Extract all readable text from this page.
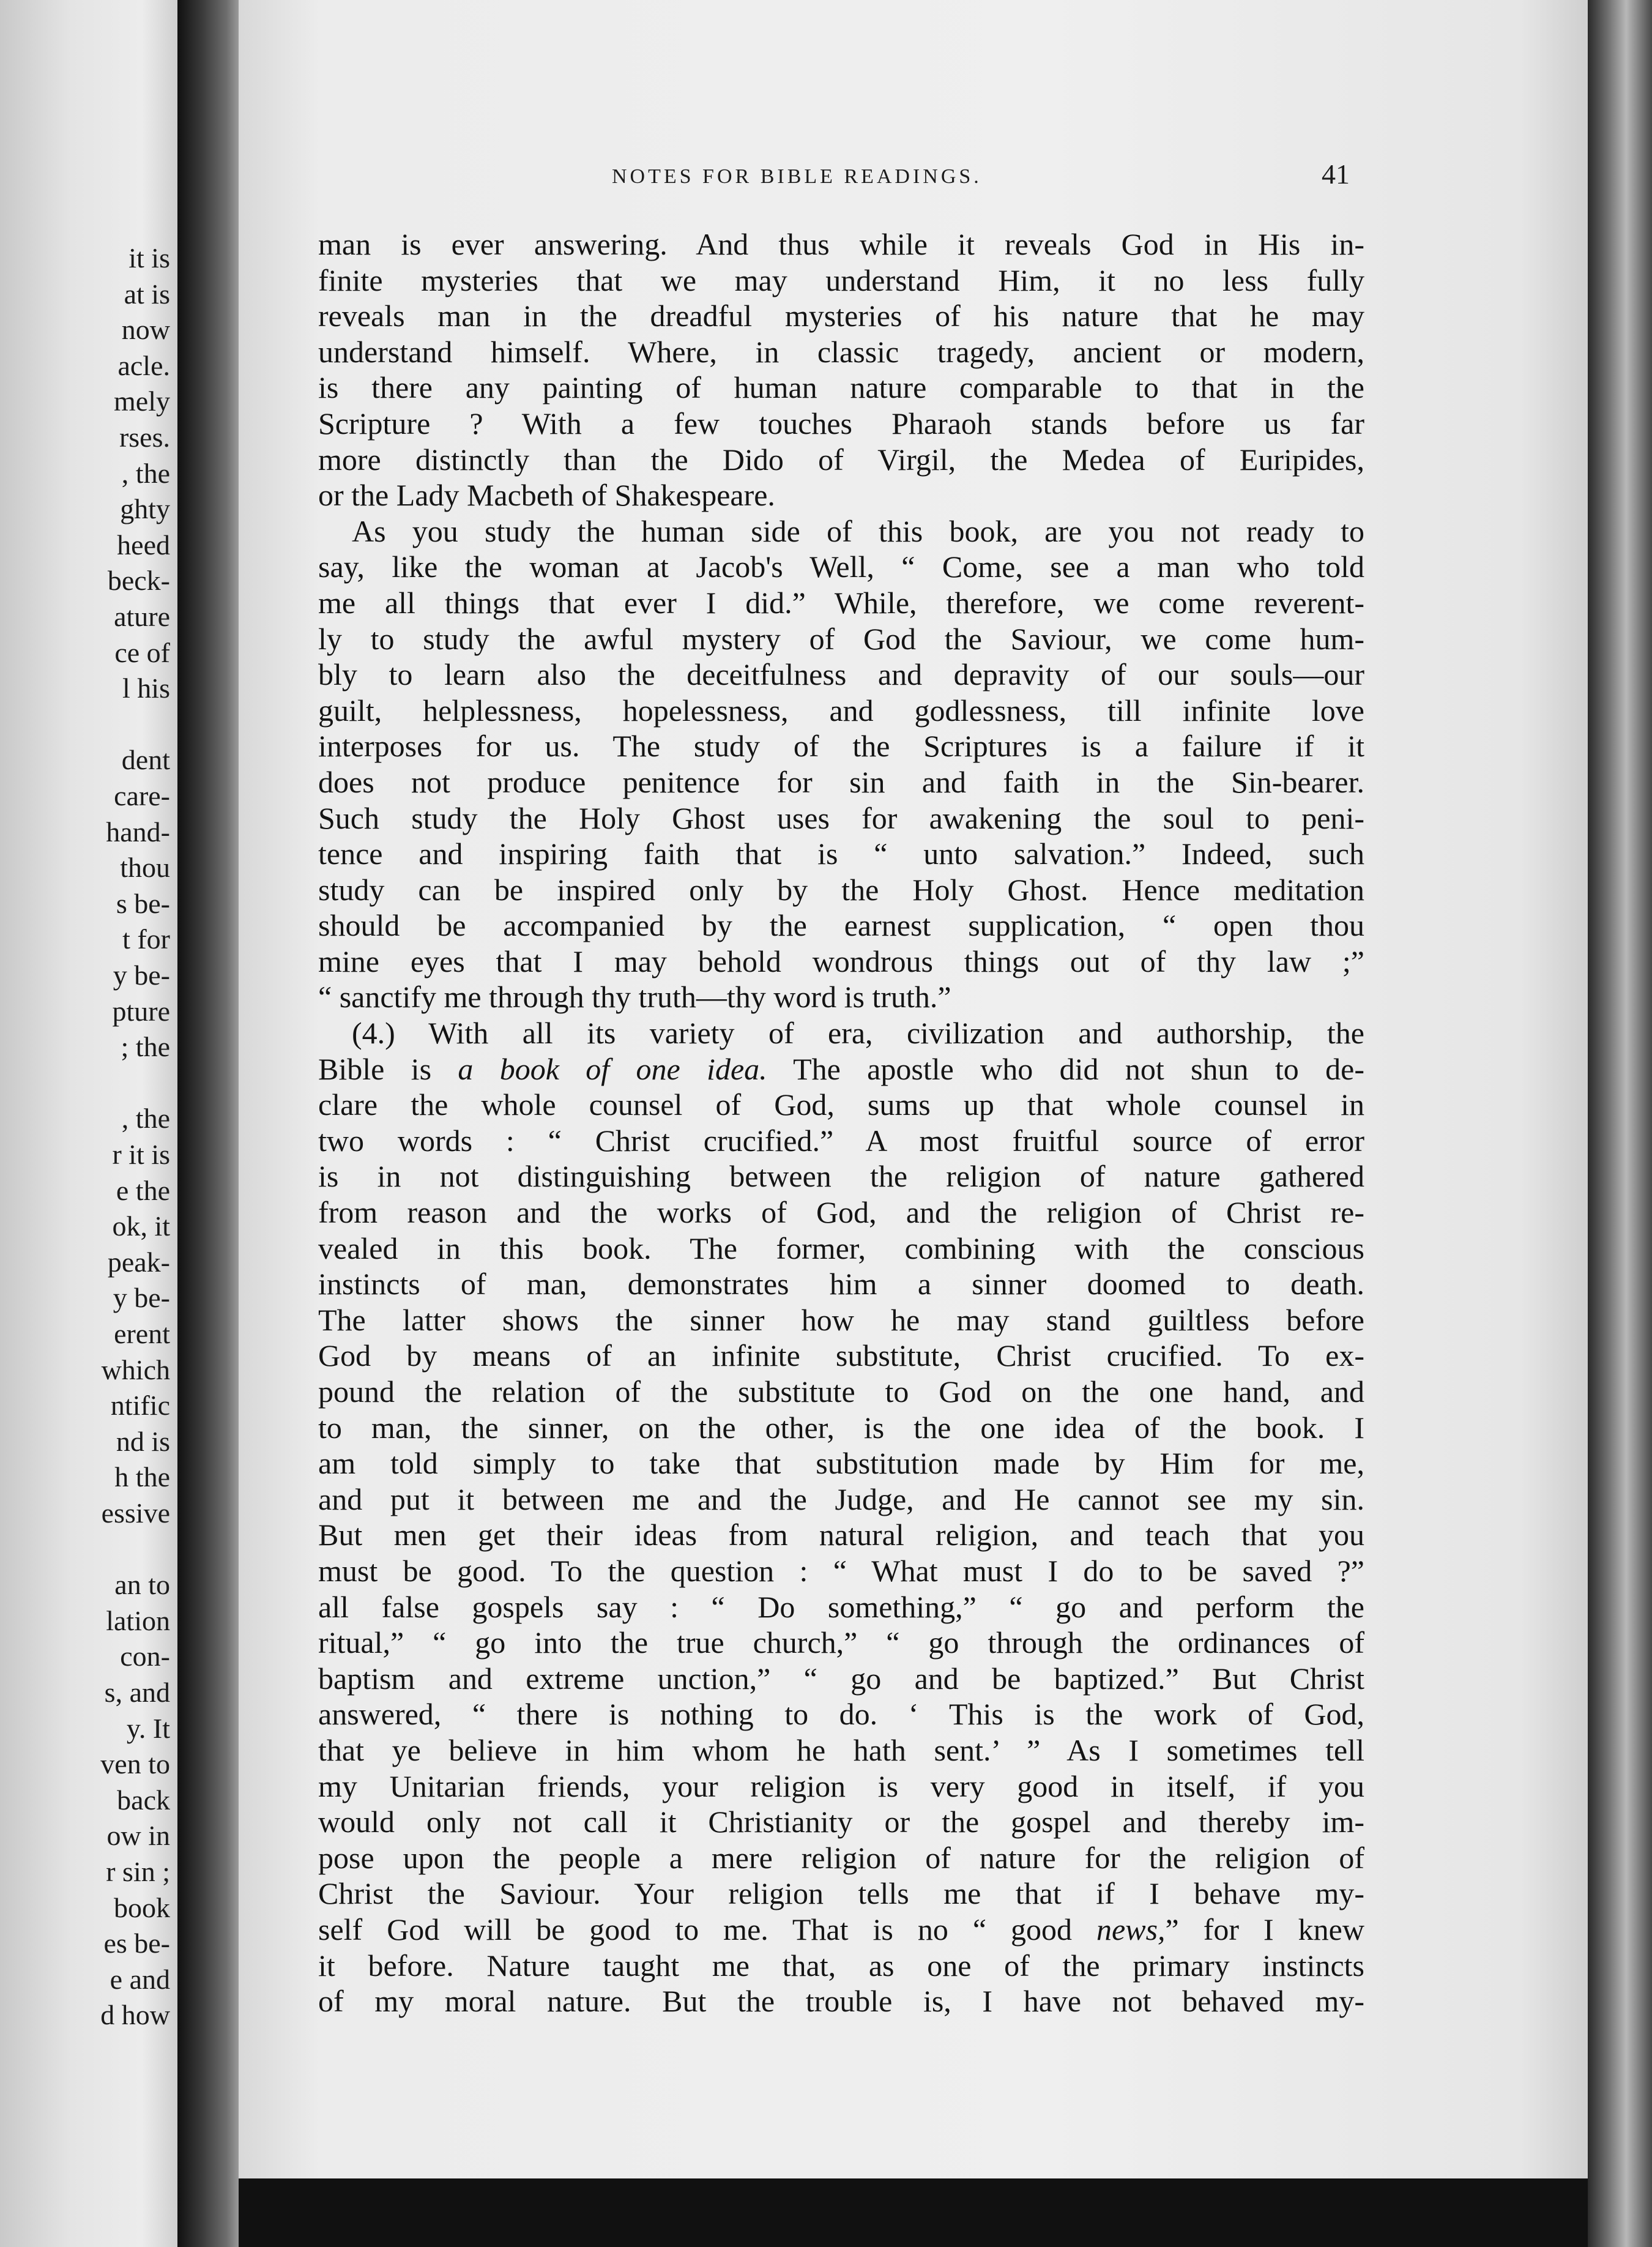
it is
at is
now
acle.
mely
rses.
, the
ghty
heed
beck-
ature
ce of
l his
dent
care-
hand-
thou
s be-
t for
y be-
pture
; the
, the
r it is
e the
ok, it
peak-
y be-
erent
which
ntific
nd is
h the
essive
an to
lation
con-
s, and
y. It
ven to
back
ow in
r sin ;
book
es be-
e and
d how
NOTES FOR BIBLE READINGS.	41
man is ever answering. And thus while it reveals God in His in-
finite mysteries that we may understand Him, it no less fully
reveals man in the dreadful mysteries of his nature that he may
understand himself. Where, in classic tragedy, ancient or modern,
is there any painting of human nature comparable to that in the
Scripture ? With a few touches Pharaoh stands before us far
more distinctly than the Dido of Virgil, the Medea of Euripides,
or the Lady Macbeth of Shakespeare.
As you study the human side of this book, are you not ready to
say, like the woman at Jacob's Well, “ Come, see a man who told
me all things that ever I did.” While, therefore, we come reverent-
ly to study the awful mystery of God the Saviour, we come hum-
bly to learn also the deceitfulness and depravity of our souls—our
guilt, helplessness, hopelessness, and godlessness, till infinite love
interposes for us. The study of the Scriptures is a failure if it
does not produce penitence for sin and faith in the Sin-bearer.
Such study the Holy Ghost uses for awakening the soul to peni-
tence and inspiring faith that is “ unto salvation.” Indeed, such
study can be inspired only by the Holy Ghost. Hence meditation
should be accompanied by the earnest supplication, “ open thou
mine eyes that I may behold wondrous things out of thy law ;”
“ sanctify me through thy truth—thy word is truth.”
(4.) With all its variety of era, civilization and authorship, the
Bible is a book of one idea. The apostle who did not shun to de-
clare the whole counsel of God, sums up that whole counsel in
two words : “ Christ crucified.” A most fruitful source of error
is in not distinguishing between the religion of nature gathered
from reason and the works of God, and the religion of Christ re-
vealed in this book. The former, combining with the conscious
instincts of man, demonstrates him a sinner doomed to death.
The latter shows the sinner how he may stand guiltless before
God by means of an infinite substitute, Christ crucified. To ex-
pound the relation of the substitute to God on the one hand, and
to man, the sinner, on the other, is the one idea of the book. I
am told simply to take that substitution made by Him for me,
and put it between me and the Judge, and He cannot see my sin.
But men get their ideas from natural religion, and teach that you
must be good. To the question : “ What must I do to be saved ?”
all false gospels say : “ Do something,” “ go and perform the
ritual,” “ go into the true church,” “ go through the ordinances of
baptism and extreme unction,” “ go and be baptized.” But Christ
answered, “ there is nothing to do. ‘ This is the work of God,
that ye believe in him whom he hath sent.’ ” As I sometimes tell
my Unitarian friends, your religion is very good in itself, if you
would only not call it Christianity or the gospel and thereby im-
pose upon the people a mere religion of nature for the religion of
Christ the Saviour. Your religion tells me that if I behave my-
self God will be good to me. That is no “ good news,” for I knew
it before. Nature taught me that, as one of the primary instincts
of my moral nature. But the trouble is, I have not behaved my-
